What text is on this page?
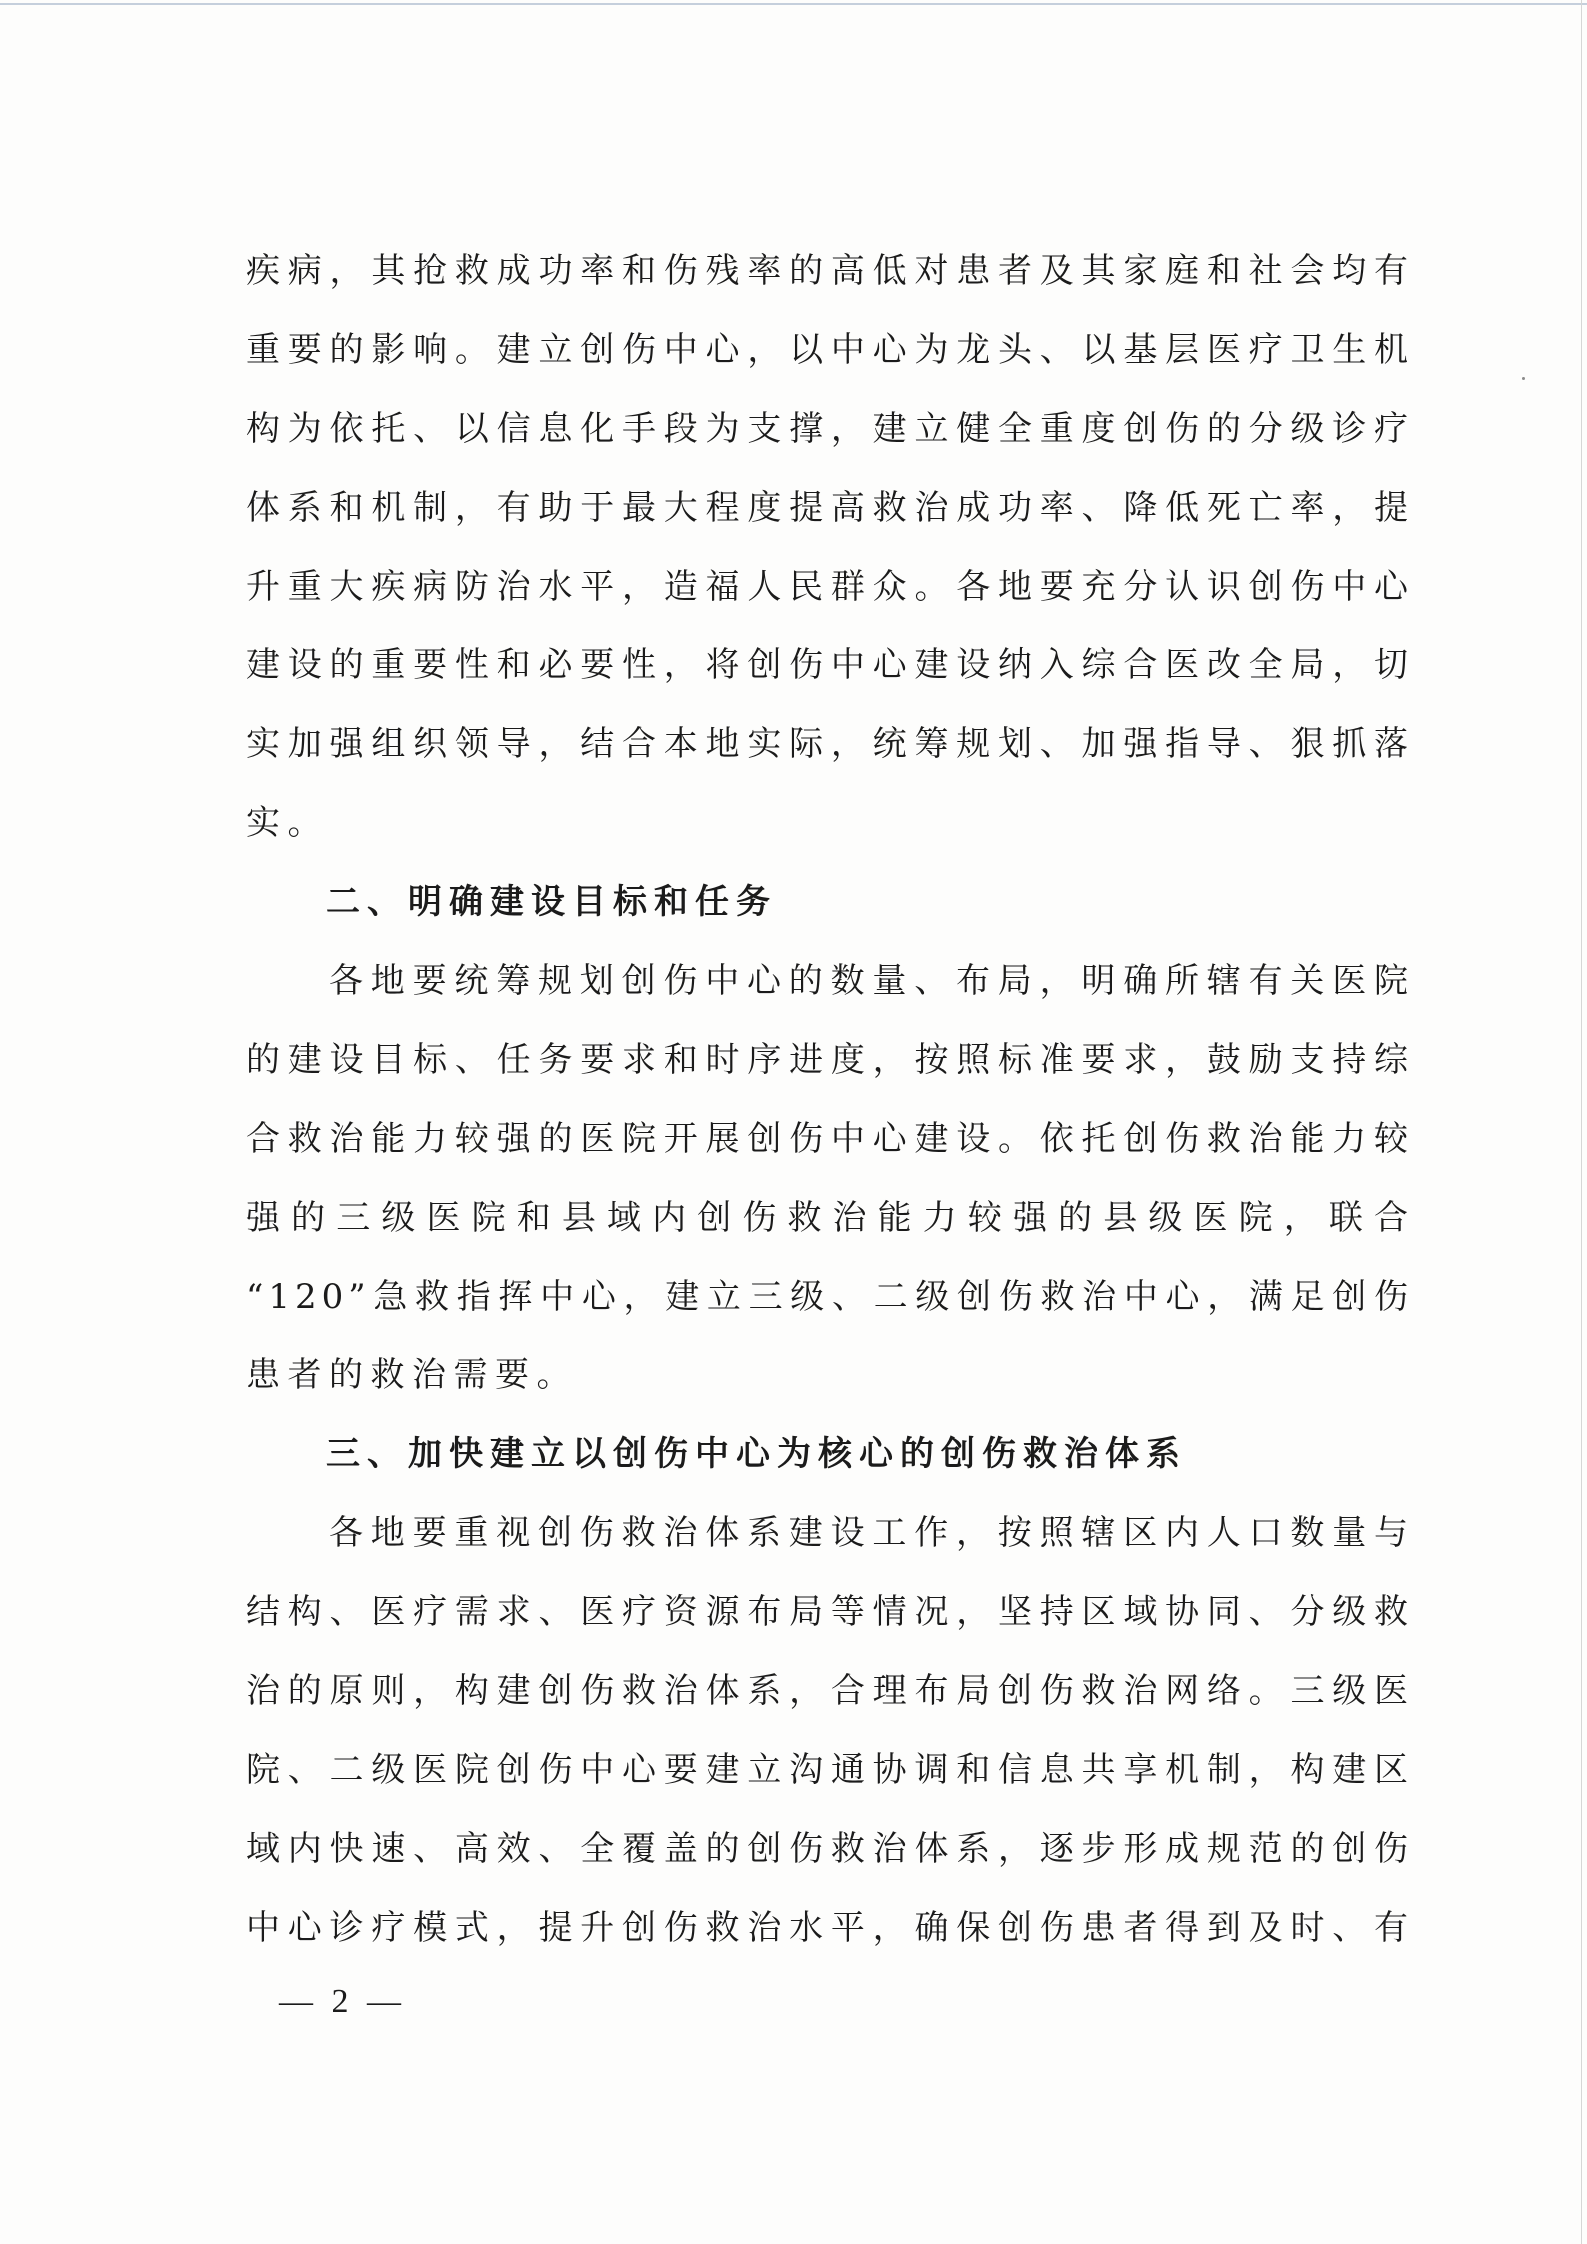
疾病，其抢救成功率和伤残率的高低对患者及其家庭和社会均有
重要的影响。建立创伤中心，以中心为龙头、以基层医疗卫生机
构为依托、以信息化手段为支撑，建立健全重度创伤的分级诊疗
体系和机制，有助于最大程度提高救治成功率、降低死亡率，提
升重大疾病防治水平，造福人民群众。各地要充分认识创伤中心
建设的重要性和必要性，将创伤中心建设纳入综合医改全局，切
实加强组织领导，结合本地实际，统筹规划、加强指导、狠抓落
实。
二、明确建设目标和任务
各地要统筹规划创伤中心的数量、布局，明确所辖有关医院
的建设目标、任务要求和时序进度，按照标准要求，鼓励支持综
合救治能力较强的医院开展创伤中心建设。依托创伤救治能力较
强的三级医院和县域内创伤救治能力较强的县级医院，联合
“120”急救指挥中心，建立三级、二级创伤救治中心，满足创伤
患者的救治需要。
三、加快建立以创伤中心为核心的创伤救治体系
各地要重视创伤救治体系建设工作，按照辖区内人口数量与
结构、医疗需求、医疗资源布局等情况，坚持区域协同、分级救
治的原则，构建创伤救治体系，合理布局创伤救治网络。三级医
院、二级医院创伤中心要建立沟通协调和信息共享机制，构建区
域内快速、高效、全覆盖的创伤救治体系，逐步形成规范的创伤
中心诊疗模式，提升创伤救治水平，确保创伤患者得到及时、有
— 2 —
